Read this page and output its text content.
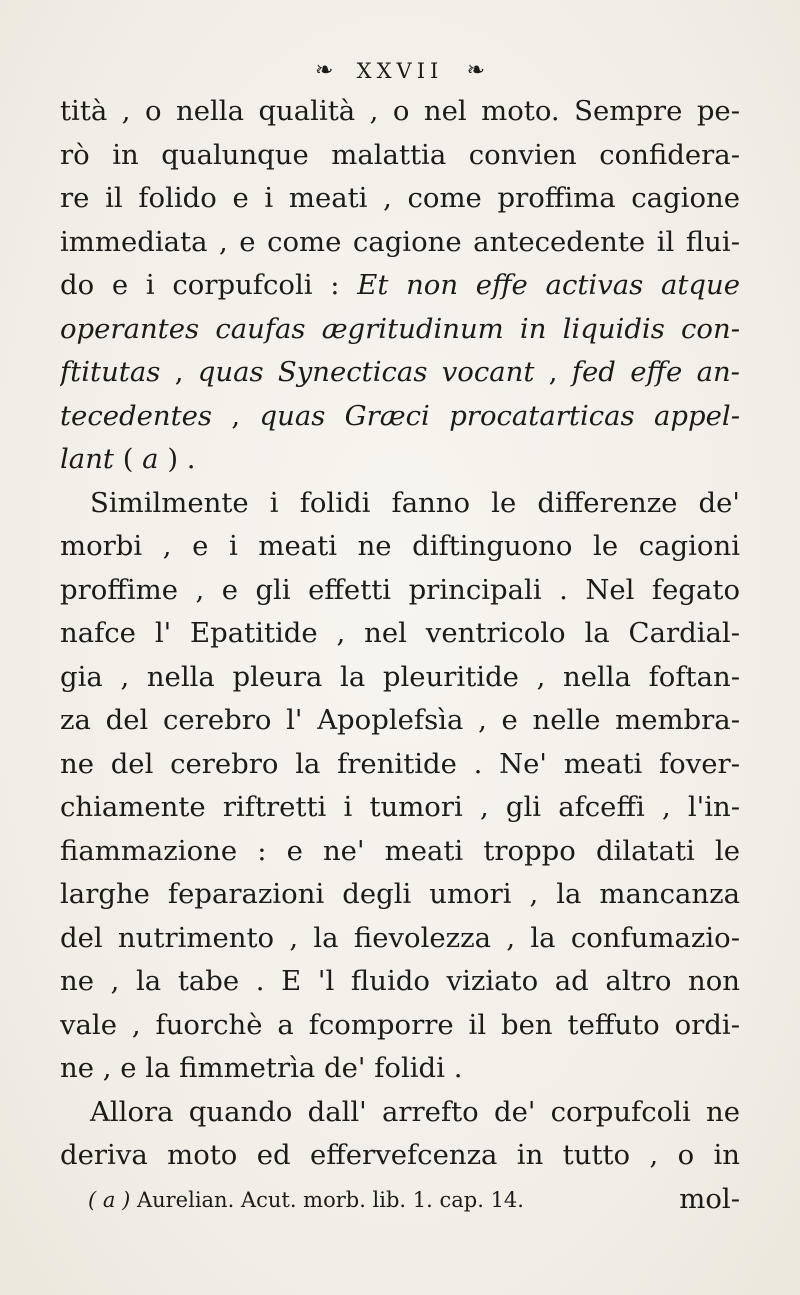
❧ XXVII ❧
tità , o nella qualità , o nel moto. Sempre pe-
rò in qualunque malattia convien confidera-
re il folido e i meati , come proffima cagione
immediata , e come cagione antecedente il flui-
do e i corpufcoli : Et non effe activas atque
operantes caufas ægritudinum in liquidis con-
ftitutas , quas Synecticas vocant , fed effe an-
tecedentes , quas Græci procatarticas appel-
lant ( a ) .
Similmente i folidi fanno le differenze de'
morbi , e i meati ne diftinguono le cagioni
proffime , e gli effetti principali . Nel fegato
nafce l' Epatitide , nel ventricolo la Cardial-
gia , nella pleura la pleuritide , nella foftan-
za del cerebro l' Apoplefsìa , e nelle membra-
ne del cerebro la frenitide . Ne' meati fover-
chiamente riftretti i tumori , gli afceffi , l'in-
fiammazione : e ne' meati troppo dilatati le
larghe feparazioni degli umori , la mancanza
del nutrimento , la fievolezza , la confumazio-
ne , la tabe . E 'l fluido viziato ad altro non
vale , fuorchè a fcomporre il ben teffuto ordi-
ne , e la fimmetrìa de' folidi .
Allora quando dall' arrefto de' corpufcoli ne
deriva moto ed effervefcenza in tutto , o in
mol-
( a ) Aurelian. Acut. morb. lib. 1. cap. 14.
